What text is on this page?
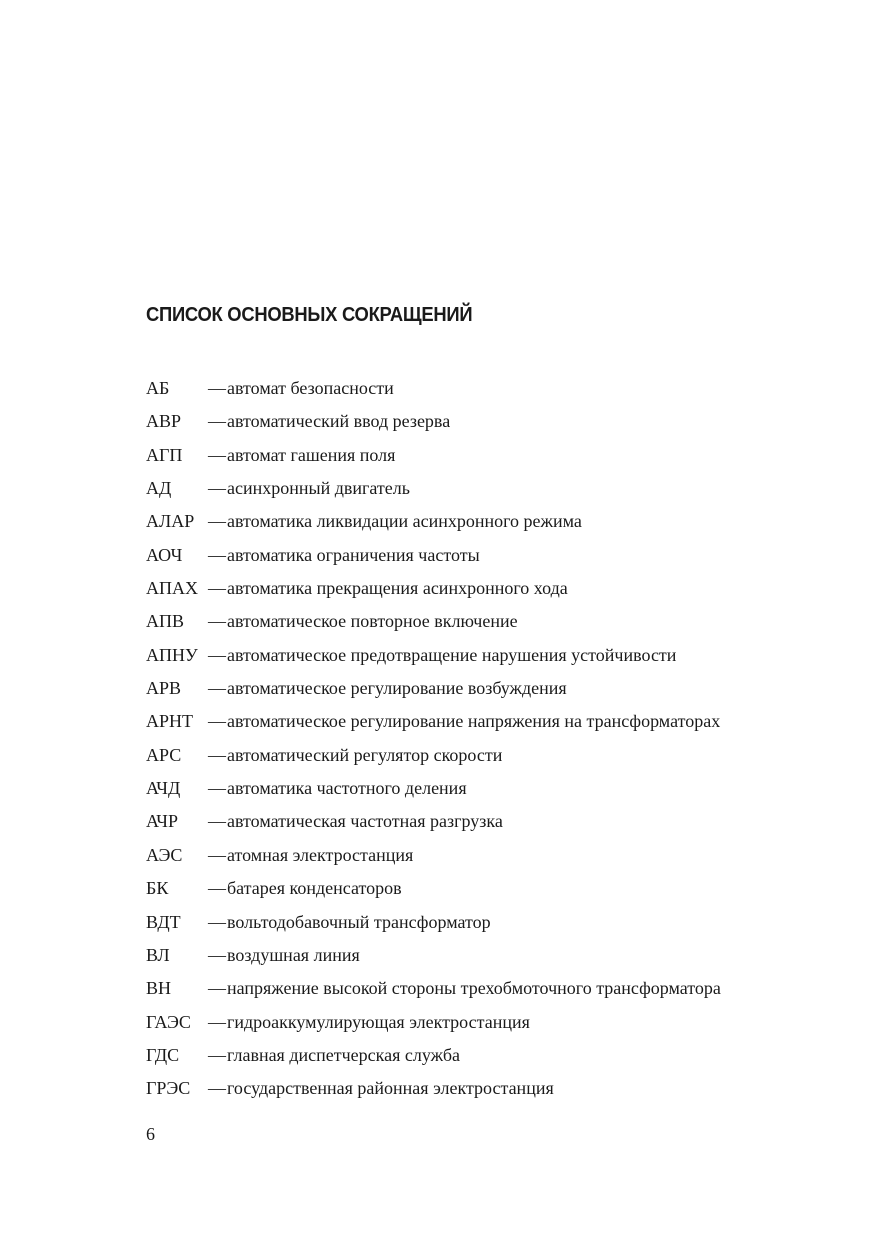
СПИСОК ОСНОВНЫХ СОКРАЩЕНИЙ
АБ — автомат безопасности
АВР — автоматический ввод резерва
АГП — автомат гашения поля
АД — асинхронный двигатель
АЛАР — автоматика ликвидации асинхронного режима
АОЧ — автоматика ограничения частоты
АПАХ — автоматика прекращения асинхронного хода
АПВ — автоматическое повторное включение
АПНУ — автоматическое предотвращение нарушения устойчивости
АРВ — автоматическое регулирование возбуждения
АРНТ — автоматическое регулирование напряжения на трансформаторах
АРС — автоматический регулятор скорости
АЧД — автоматика частотного деления
АЧР — автоматическая частотная разгрузка
АЭС — атомная электростанция
БК — батарея конденсаторов
ВДТ — вольтодобавочный трансформатор
ВЛ — воздушная линия
ВН — напряжение высокой стороны трехобмоточного трансформатора
ГАЭС — гидроаккумулирующая электростанция
ГДС — главная диспетчерская служба
ГРЭС — государственная районная электростанция
6
